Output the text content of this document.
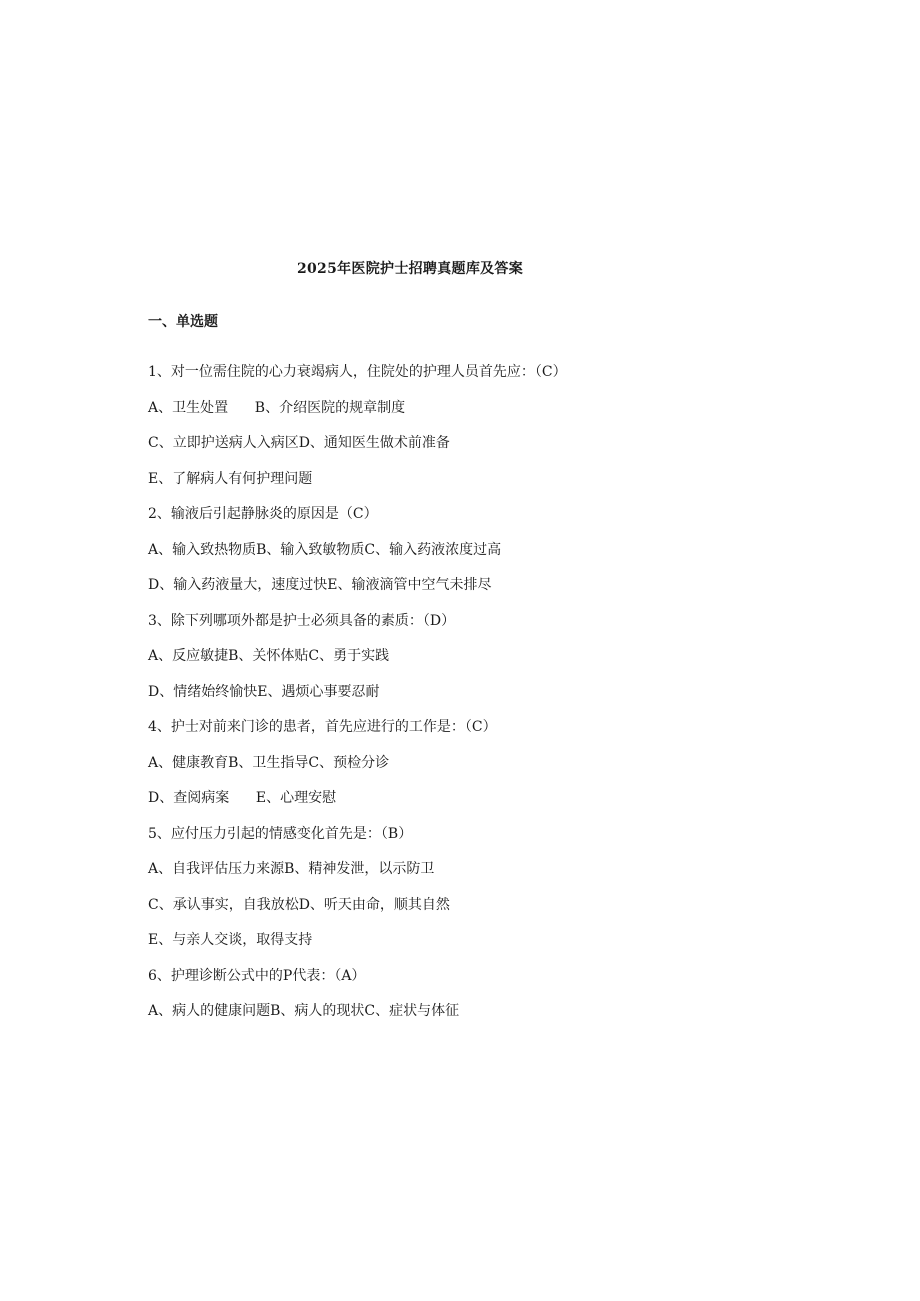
2025年医院护士招聘真题库及答案
一、单选题
1、对一位需住院的心力衰竭病人，住院处的护理人员首先应：（C）
A、卫生处置      B、介绍医院的规章制度
C、立即护送病人入病区D、通知医生做术前准备
E、了解病人有何护理问题
2、输液后引起静脉炎的原因是（C）
A、输入致热物质B、输入致敏物质C、输入药液浓度过高
D、输入药液量大，速度过快E、输液滴管中空气未排尽
3、除下列哪项外都是护士必须具备的素质：（D）
A、反应敏捷B、关怀体贴C、勇于实践
D、情绪始终愉快E、遇烦心事要忍耐
4、护士对前来门诊的患者，首先应进行的工作是：（C）
A、健康教育B、卫生指导C、预检分诊
D、查阅病案      E、心理安慰
5、应付压力引起的情感变化首先是：（B）
A、自我评估压力来源B、精神发泄，以示防卫
C、承认事实，自我放松D、听天由命，顺其自然
E、与亲人交谈，取得支持
6、护理诊断公式中的P代表：（A）
A、病人的健康问题B、病人的现状C、症状与体征
